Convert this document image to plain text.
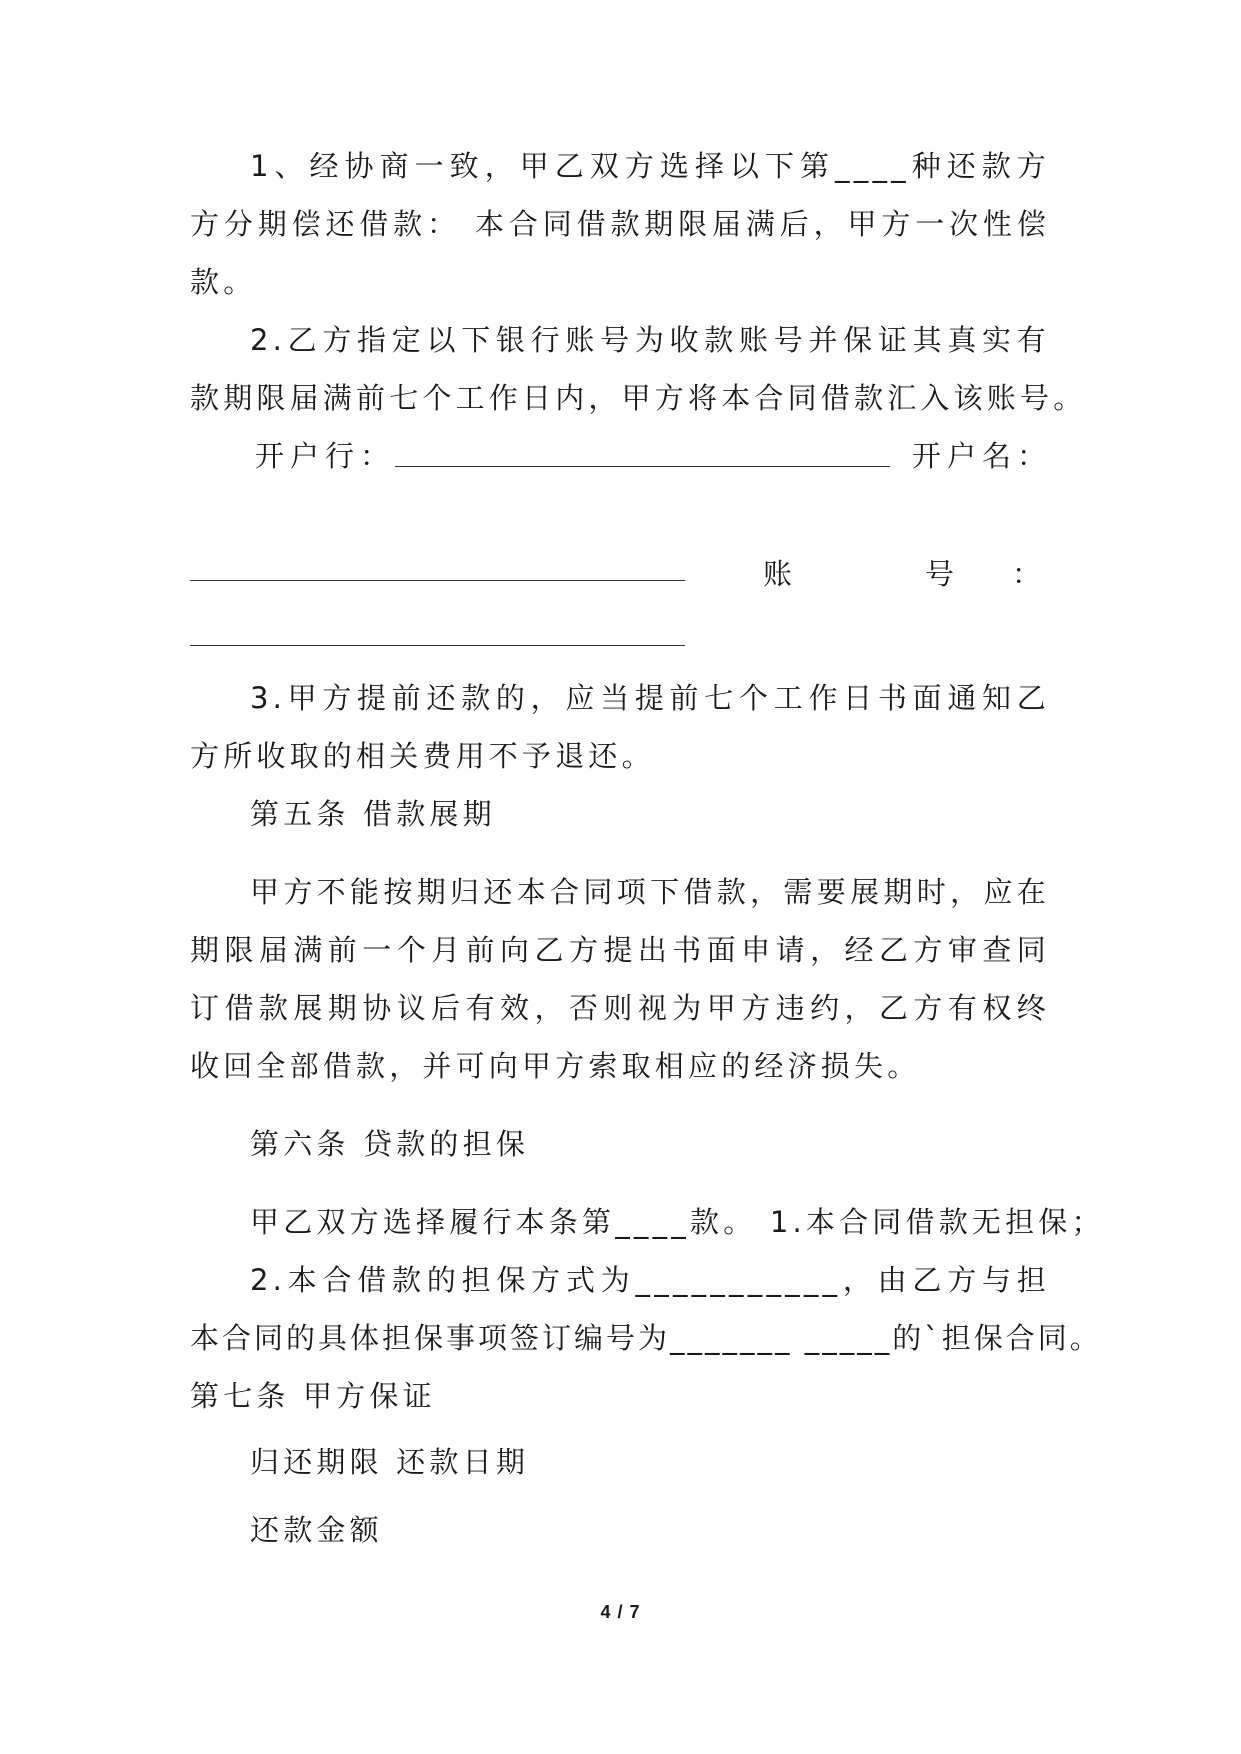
1、经协商一致，甲乙双方选择以下第____种还款方
方分期偿还借款： 本合同借款期限届满后，甲方一次性偿
款。
2.乙方指定以下银行账号为收款账号并保证其真实有
款期限届满前七个工作日内，甲方将本合同借款汇入该账号。
开户行：	开户名：
账	号 ：
3.甲方提前还款的，应当提前七个工作日书面通知乙
方所收取的相关费用不予退还。
第五条 借款展期
甲方不能按期归还本合同项下借款，需要展期时，应在
期限届满前一个月前向乙方提出书面申请，经乙方审查同
订借款展期协议后有效，否则视为甲方违约，乙方有权终
收回全部借款，并可向甲方索取相应的经济损失。
第六条 贷款的担保
甲乙双方选择履行本条第____款。 1.本合同借款无担保；
2.本合借款的担保方式为___________，由乙方与担
本合同的具体担保事项签订编号为_______ _____的`担保合同。
第七条 甲方保证
归还期限 还款日期
还款金额
4 / 7
